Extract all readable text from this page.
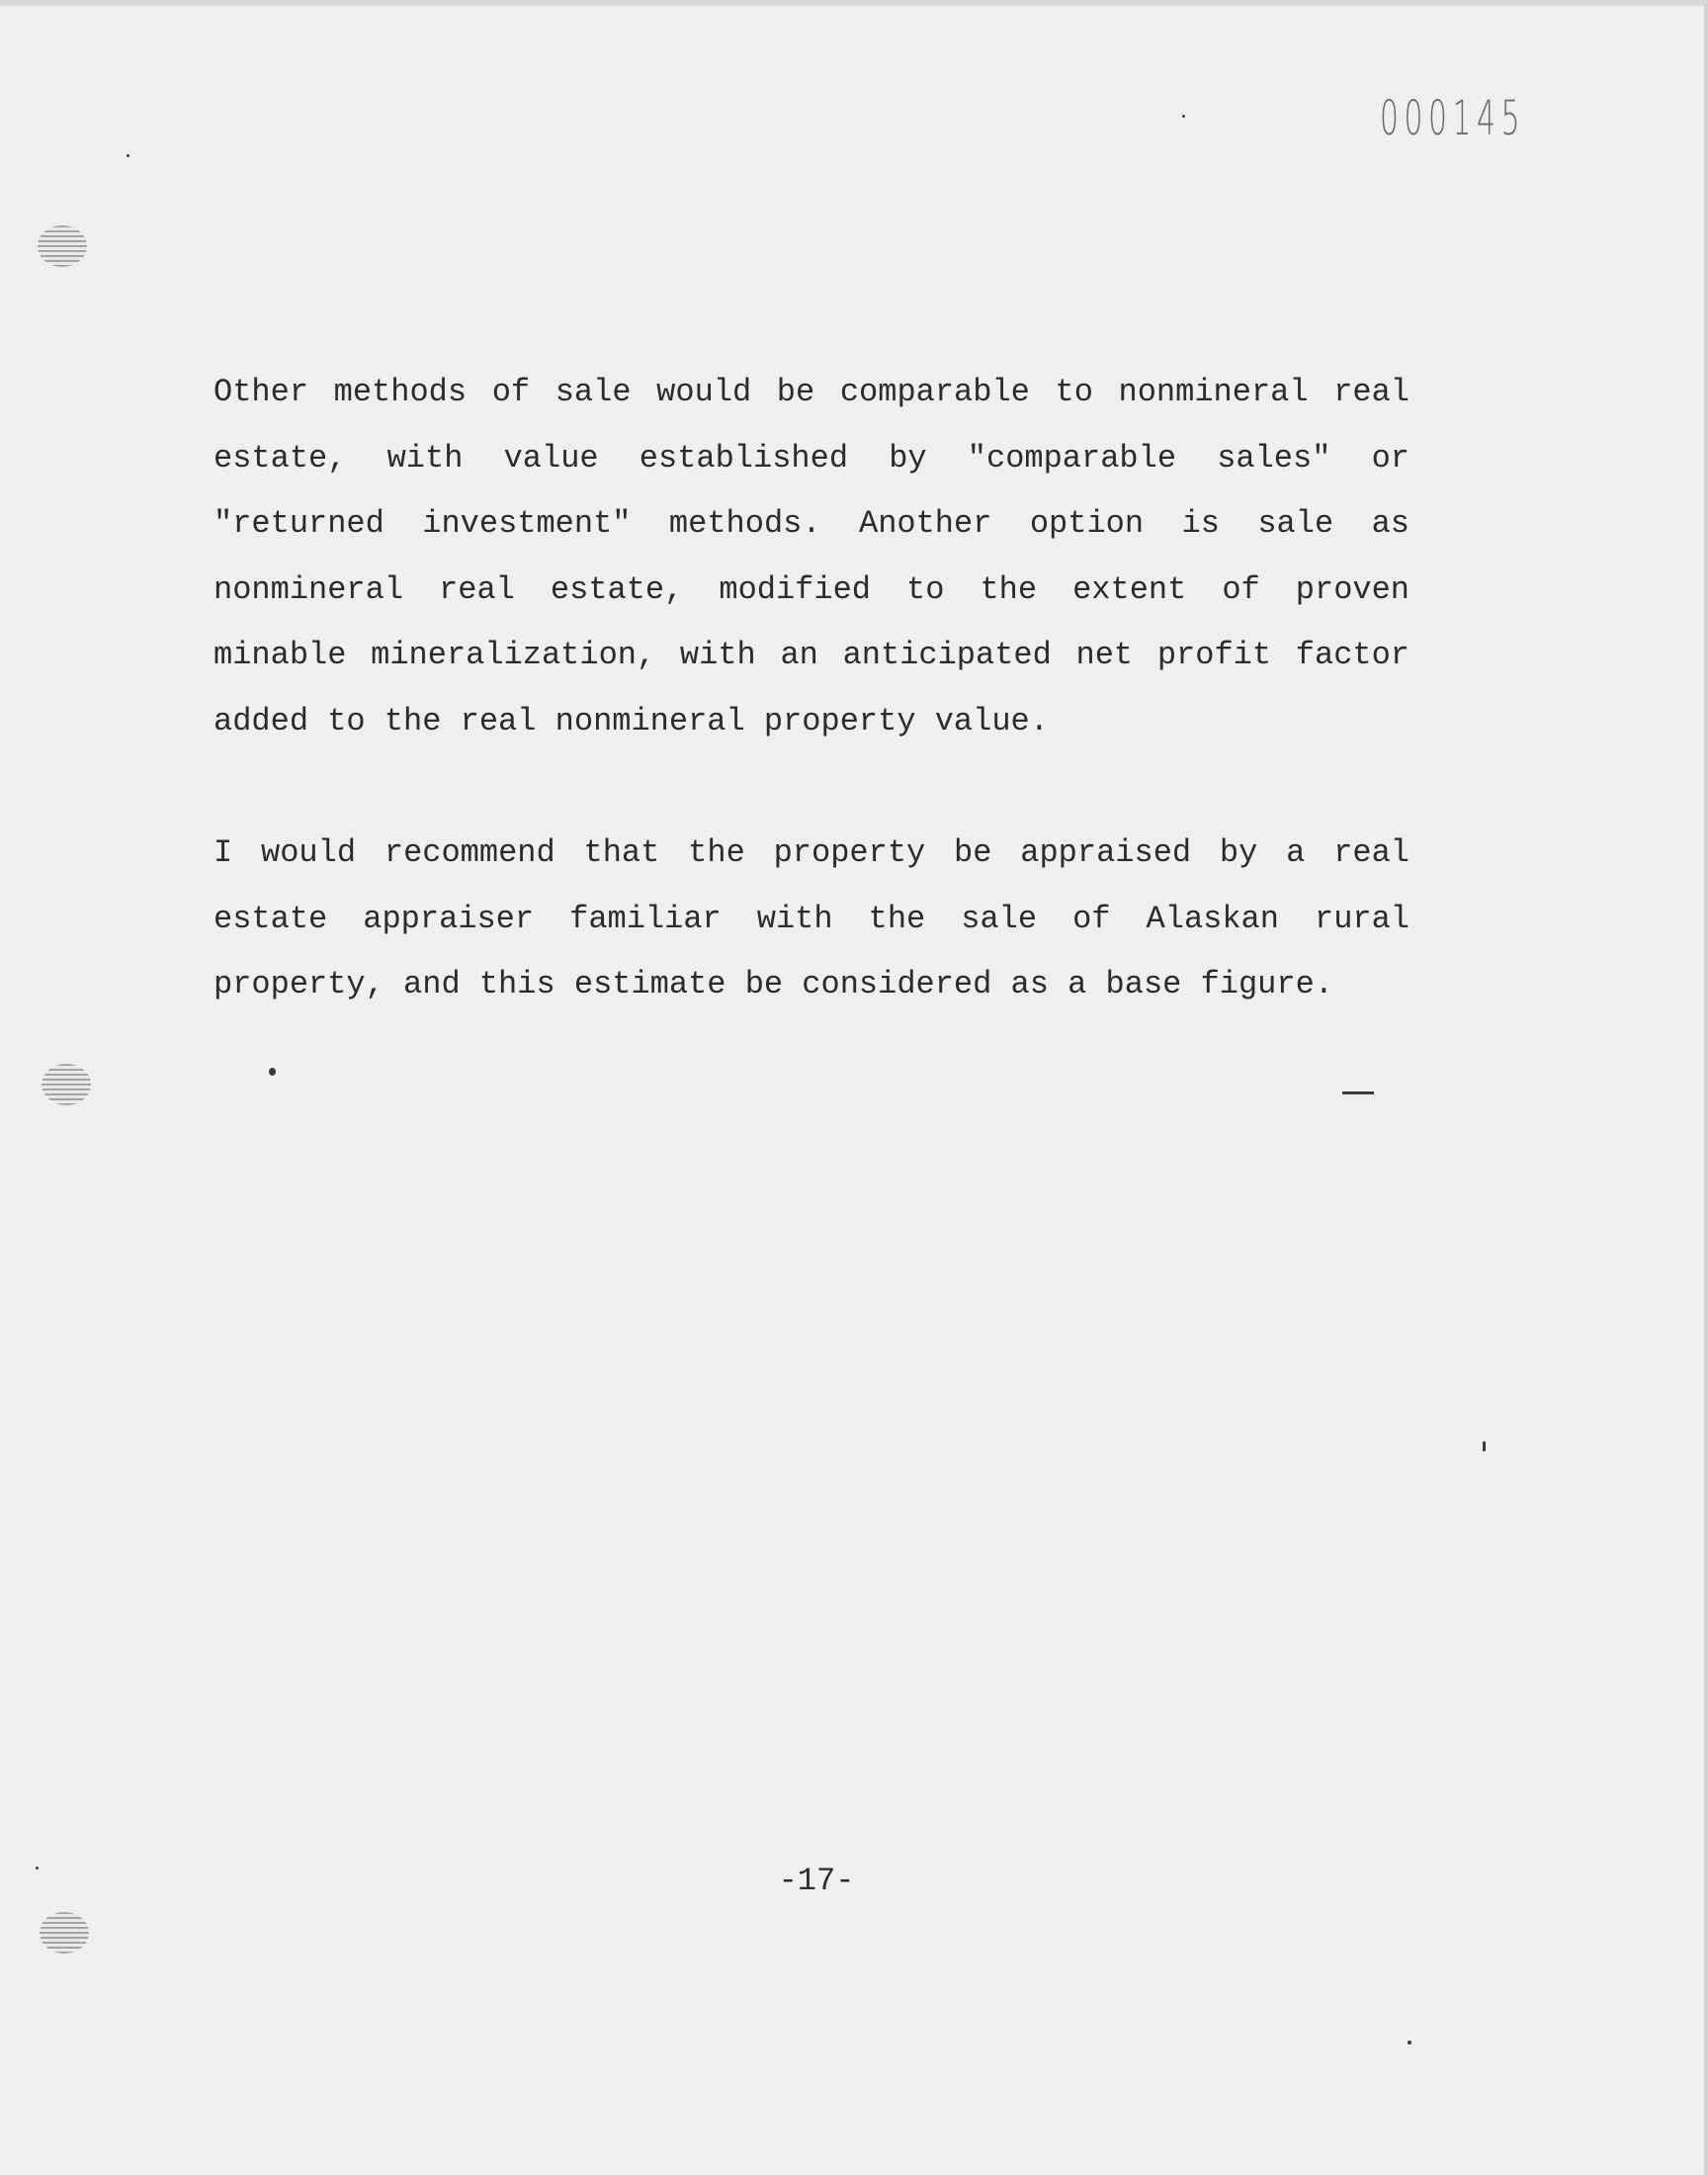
000145

Other methods of sale would be comparable to nonmineral real estate, with value established by "comparable sales" or "returned investment" methods. Another option is sale as nonmineral real estate, modified to the extent of proven minable mineralization, with an anticipated net profit factor added to the real nonmineral property value.

I would recommend that the property be appraised by a real estate appraiser familiar with the sale of Alaskan rural property, and this estimate be considered as a base figure.

-17-
